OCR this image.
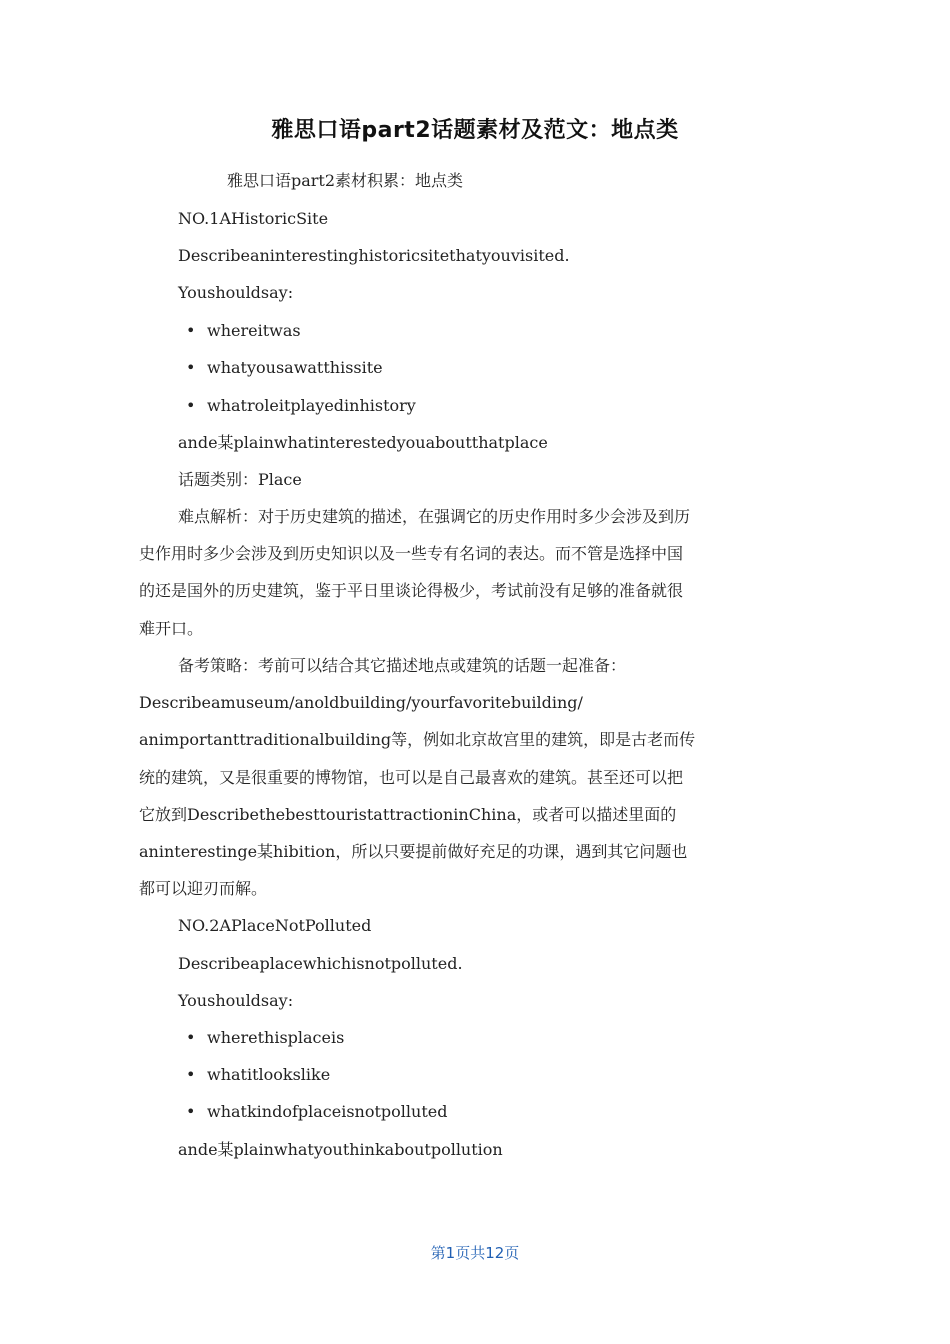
雅思口语part2话题素材及范文：地点类
雅思口语part2素材积累：地点类
NO.1AHistoricSite
Describeaninterestinghistoricsitethatyouvisited.
Youshouldsay:
• whereitwas
• whatyousawatthissite
• whatroleitplayedinhistory
ande某plainwhatinterestedyouaboutthatplace
话题类别：Place
难点解析：对于历史建筑的描述，在强调它的历史作用时多少会涉及到历
史作用时多少会涉及到历史知识以及一些专有名词的表达。而不管是选择中国
的还是国外的历史建筑，鉴于平日里谈论得极少，考试前没有足够的准备就很
难开口。
备考策略：考前可以结合其它描述地点或建筑的话题一起准备：
Describeamuseum/anoldbuilding/yourfavoritebuilding/
animportanttraditionalbuilding等，例如北京故宫里的建筑，即是古老而传
统的建筑，又是很重要的博物馆，也可以是自己最喜欢的建筑。甚至还可以把
它放到DescribethebesttouristattractioninChina，或者可以描述里面的
aninterestinge某hibition，所以只要提前做好充足的功课，遇到其它问题也
都可以迎刃而解。
NO.2APlaceNotPolluted
Describeaplacewhichisnotpolluted.
Youshouldsay:
• wherethisplaceis
• whatitlookslike
• whatkindofplaceisnotpolluted
ande某plainwhatyouthinkaboutpollution
第1页共12页
